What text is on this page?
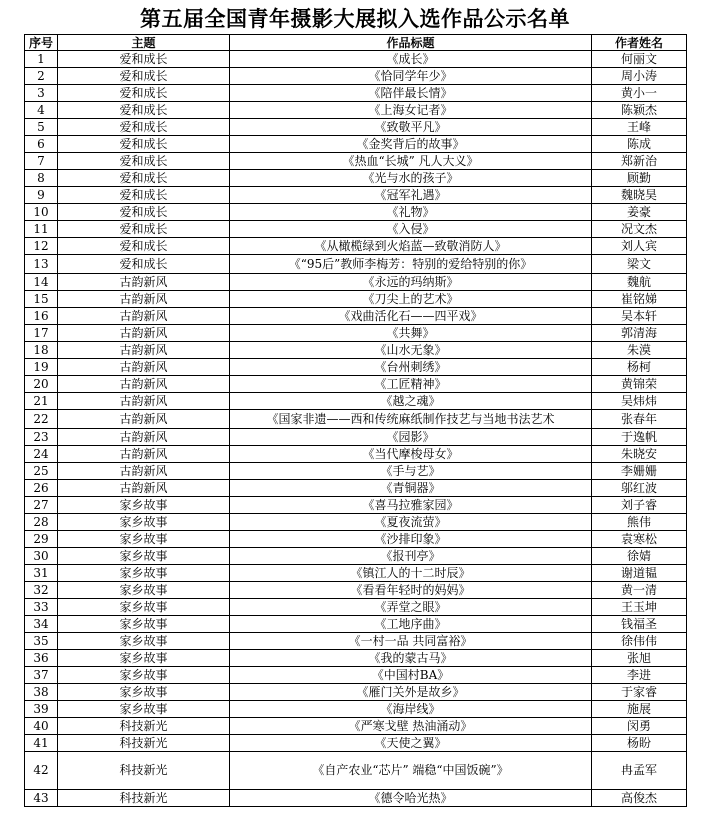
第五届全国青年摄影大展拟入选作品公示名单
序号	主题	作品标题	作者姓名
1	爱和成长	《成长》	何丽文
2	爱和成长	《恰同学年少》	周小涛
3	爱和成长	《陪伴最长情》	黄小一
4	爱和成长	《上海女记者》	陈颖杰
5	爱和成长	《致敬平凡》	王峰
6	爱和成长	《金奖背后的故事》	陈成
7	爱和成长	《热血“长城” 凡人大义》	郑新治
8	爱和成长	《光与水的孩子》	顾勤
9	爱和成长	《冠军礼遇》	魏晓昊
10	爱和成长	《礼物》	姜豪
11	爱和成长	《入侵》	况文杰
12	爱和成长	《从橄榄绿到火焰蓝—致敬消防人》	刘人宾
13	爱和成长	《“95后”教师李梅芳：特别的爱给特别的你》	梁文
14	古韵新风	《永远的玛纳斯》	魏航
15	古韵新风	《刀尖上的艺术》	崔铭娣
16	古韵新风	《戏曲活化石——四平戏》	吴本轩
17	古韵新风	《共舞》	郭清海
18	古韵新风	《山水无象》	朱漠
19	古韵新风	《台州刺绣》	杨柯
20	古韵新风	《工匠精神》	黄锦荣
21	古韵新风	《越之魂》	吴炜炜
22	古韵新风	《国家非遗——西和传统麻纸制作技艺与当地书法艺术	张春年
23	古韵新风	《园影》	于逸帆
24	古韵新风	《当代摩梭母女》	朱晓安
25	古韵新风	《手与艺》	李姗姗
26	古韵新风	《青铜器》	邬红波
27	家乡故事	《喜马拉雅家园》	刘子睿
28	家乡故事	《夏夜流萤》	熊伟
29	家乡故事	《沙排印象》	袁寒松
30	家乡故事	《报刊亭》	徐婧
31	家乡故事	《镇江人的十二时辰》	谢道韫
32	家乡故事	《看看年轻时的妈妈》	黄一清
33	家乡故事	《弄堂之眼》	王玉坤
34	家乡故事	《工地序曲》	钱福圣
35	家乡故事	《一村一品 共同富裕》	徐伟伟
36	家乡故事	《我的蒙古马》	张旭
37	家乡故事	《中国村BA》	李进
38	家乡故事	《雁门关外是故乡》	于家睿
39	家乡故事	《海岸线》	施展
40	科技新光	《严寒戈壁 热油涌动》	闵勇
41	科技新光	《天使之翼》	杨盼
42	科技新光	《自产农业“芯片” 端稳“中国饭碗”》	冉孟军
43	科技新光	《德令哈光热》	高俊杰
